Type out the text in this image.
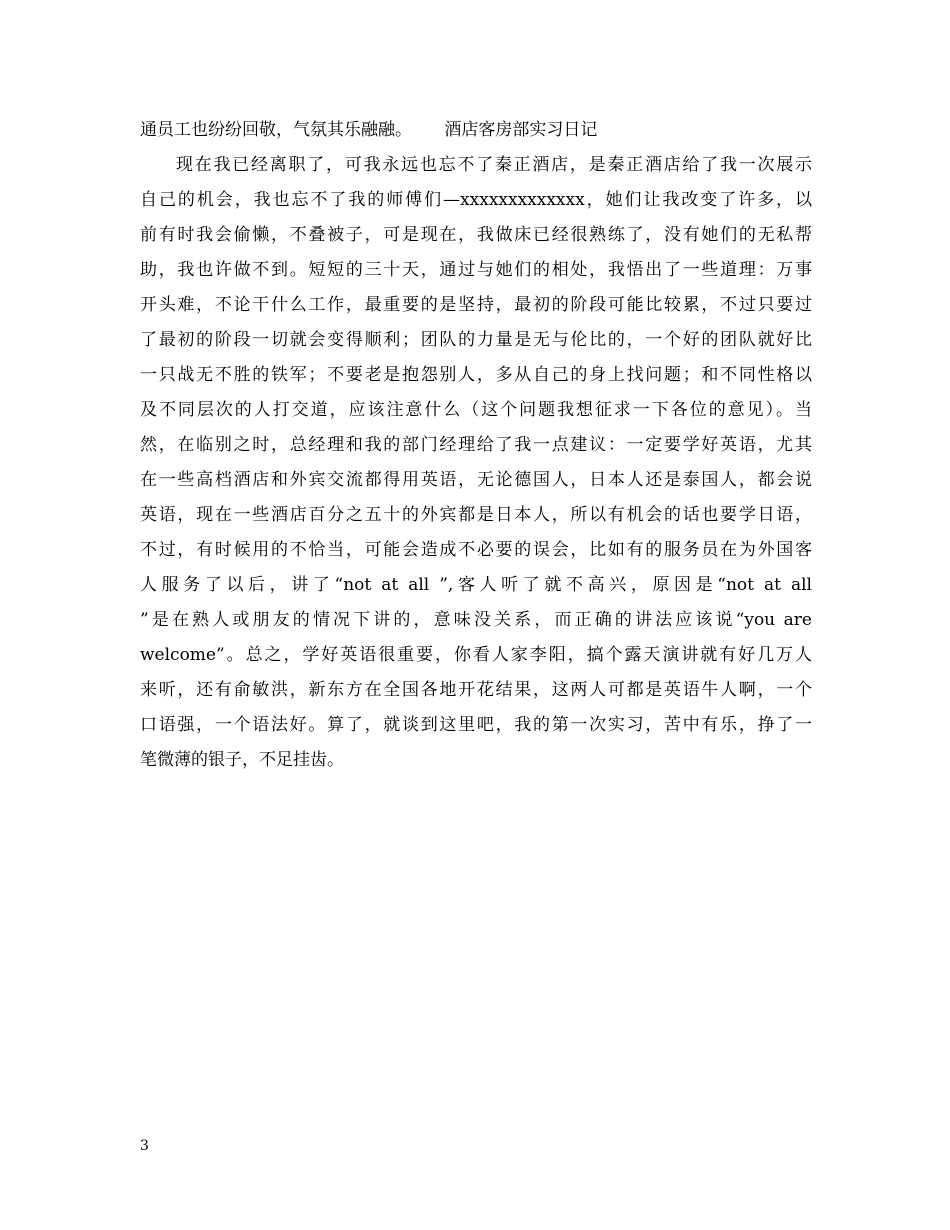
通员工也纷纷回敬，气氛其乐融融。      酒店客房部实习日记
现在我已经离职了，可我永远也忘不了秦正酒店，是秦正酒店给了我一次展示
自己的机会，我也忘不了我的师傅们—xxxxxxxxxxxxx，她们让我改变了许多，以
前有时我会偷懒，不叠被子，可是现在，我做床已经很熟练了，没有她们的无私帮
助，我也许做不到。短短的三十天，通过与她们的相处，我悟出了一些道理：万事
开头难，不论干什么工作，最重要的是坚持，最初的阶段可能比较累，不过只要过
了最初的阶段一切就会变得顺利；团队的力量是无与伦比的，一个好的团队就好比
一只战无不胜的铁军；不要老是抱怨别人，多从自己的身上找问题；和不同性格以
及不同层次的人打交道，应该注意什么（这个问题我想征求一下各位的意见）。当
然，在临别之时，总经理和我的部门经理给了我一点建议：一定要学好英语，尤其
在一些高档酒店和外宾交流都得用英语，无论德国人，日本人还是泰国人，都会说
英语，现在一些酒店百分之五十的外宾都是日本人，所以有机会的话也要学日语，
不过，有时候用的不恰当，可能会造成不必要的误会，比如有的服务员在为外国客
人服务了以后，讲了“not at all ”,客人听了就不高兴，原因是“not at all
”是在熟人或朋友的情况下讲的，意味没关系，而正确的讲法应该说“you are
welcome”。总之，学好英语很重要，你看人家李阳，搞个露天演讲就有好几万人
来听，还有俞敏洪，新东方在全国各地开花结果，这两人可都是英语牛人啊，一个
口语强，一个语法好。算了，就谈到这里吧，我的第一次实习，苦中有乐，挣了一
笔微薄的银子，不足挂齿。
3
